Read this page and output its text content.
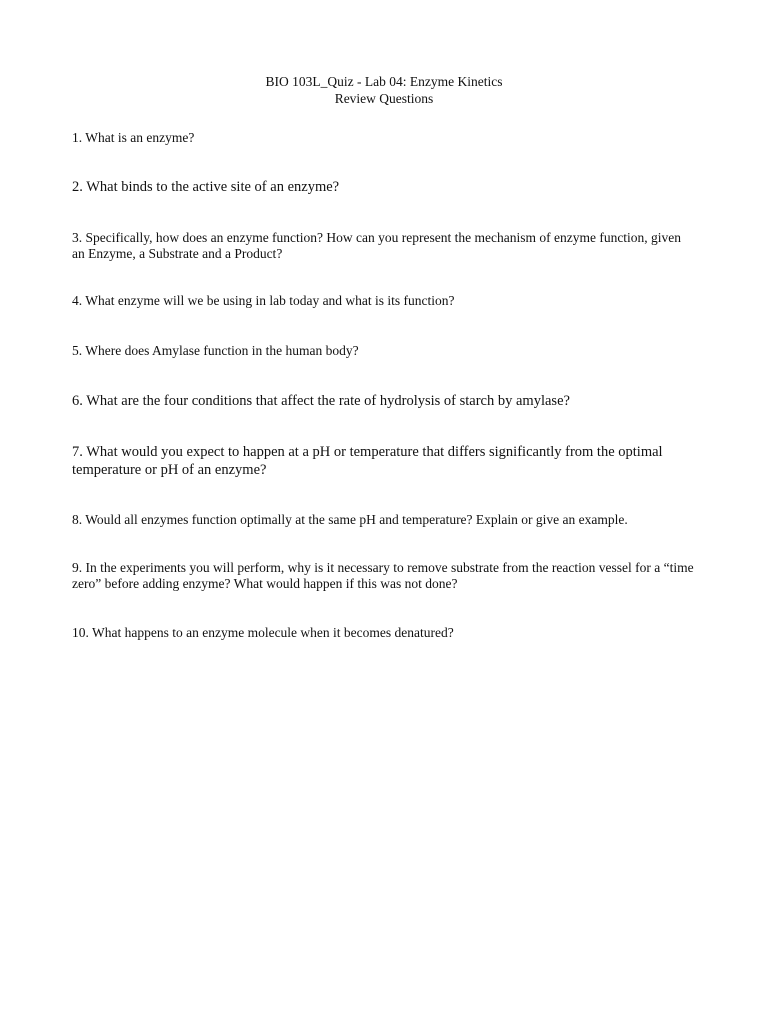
BIO 103L_Quiz - Lab 04: Enzyme Kinetics
Review Questions
1. What is an enzyme?
2. What binds to the active site of an enzyme?
3. Specifically, how does an enzyme function? How can you represent the mechanism of enzyme function, given an Enzyme, a Substrate and a Product?
4. What enzyme will we be using in lab today and what is its function?
5. Where does Amylase function in the human body?
6. What are the four conditions that affect the rate of hydrolysis of starch by amylase?
7. What would you expect to happen at a pH or temperature that differs significantly from the optimal temperature or pH of an enzyme?
8. Would all enzymes function optimally at the same pH and temperature? Explain or give an example.
9. In the experiments you will perform, why is it necessary to remove substrate from the reaction vessel for a “time zero” before adding enzyme? What would happen if this was not done?
10. What happens to an enzyme molecule when it becomes denatured?
